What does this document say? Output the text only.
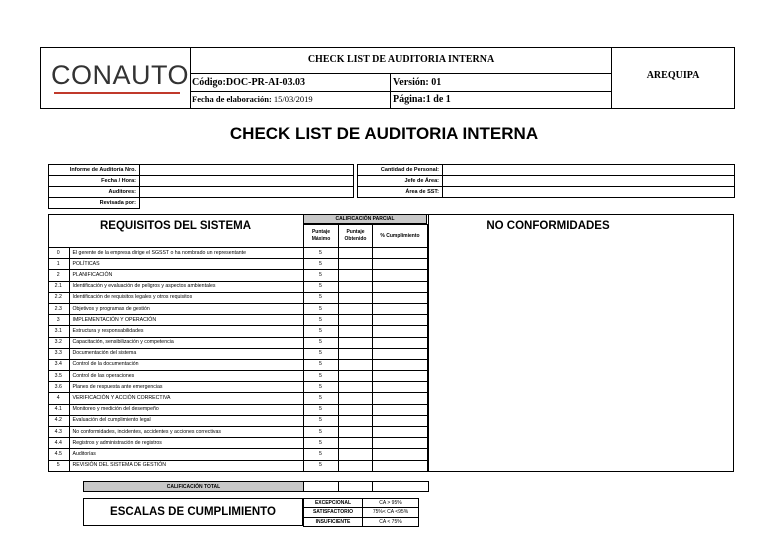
CONAUTO
CHECK LIST DE AUDITORIA INTERNA
Código:DOC-PR-AI-03.03	Versión: 01
Fecha de elaboración: 15/03/2019	Página:1 de 1
AREQUIPA
CHECK LIST DE AUDITORIA INTERNA
Informe de Auditoría Nro.	
Fecha / Hora:	
Auditores:	
Revisada por:	
Cantidad de Personal:	
Jefe de Área:	
Área de SST:	
REQUISITOS DEL SISTEMA	NO CONFORMIDADES
CALIFICACIÓN PARCIAL
Puntaje Máximo	Puntaje Obtenido	% Cumplimiento
0	El gerente de la empresa dirige el SGSST o ha nombrado un representante	5		
1	POLÍTICAS	5		
2	PLANIFICACIÓN	5		
2.1	Identificación y evaluación de peligros y aspectos ambientales	5		
2.2	Identificación de requisitos legales y otros requisitos	5		
2.3	Objetivos y programas de gestión	5		
3	IMPLEMENTACIÓN Y OPERACIÓN	5		
3.1	Estructura y responsabilidades	5		
3.2	Capacitación, sensibilización y competencia	5		
3.3	Documentación del sistema	5		
3.4	Control de la documentación	5		
3.5	Control de las operaciones	5		
3.6	Planes de respuesta ante emergencias	5		
4	VERIFICACIÓN Y ACCIÓN CORRECTIVA	5		
4.1	Monitoreo y medición del desempeño	5		
4.2	Evaluación del cumplimiento legal	5		
4.3	No conformidades, incidentes, accidentes y acciones correctivas	5		
4.4	Registros y administración de registros	5		
4.5	Auditorías	5		
5	REVISIÓN DEL SISTEMA DE GESTIÓN	5		
CALIFICACIÓN TOTAL			
ESCALAS DE CUMPLIMIENTO
EXCEPCIONAL	CA > 95%
SATISFACTORIO	75%< CA <95%
INSUFICIENTE	CA < 75%
